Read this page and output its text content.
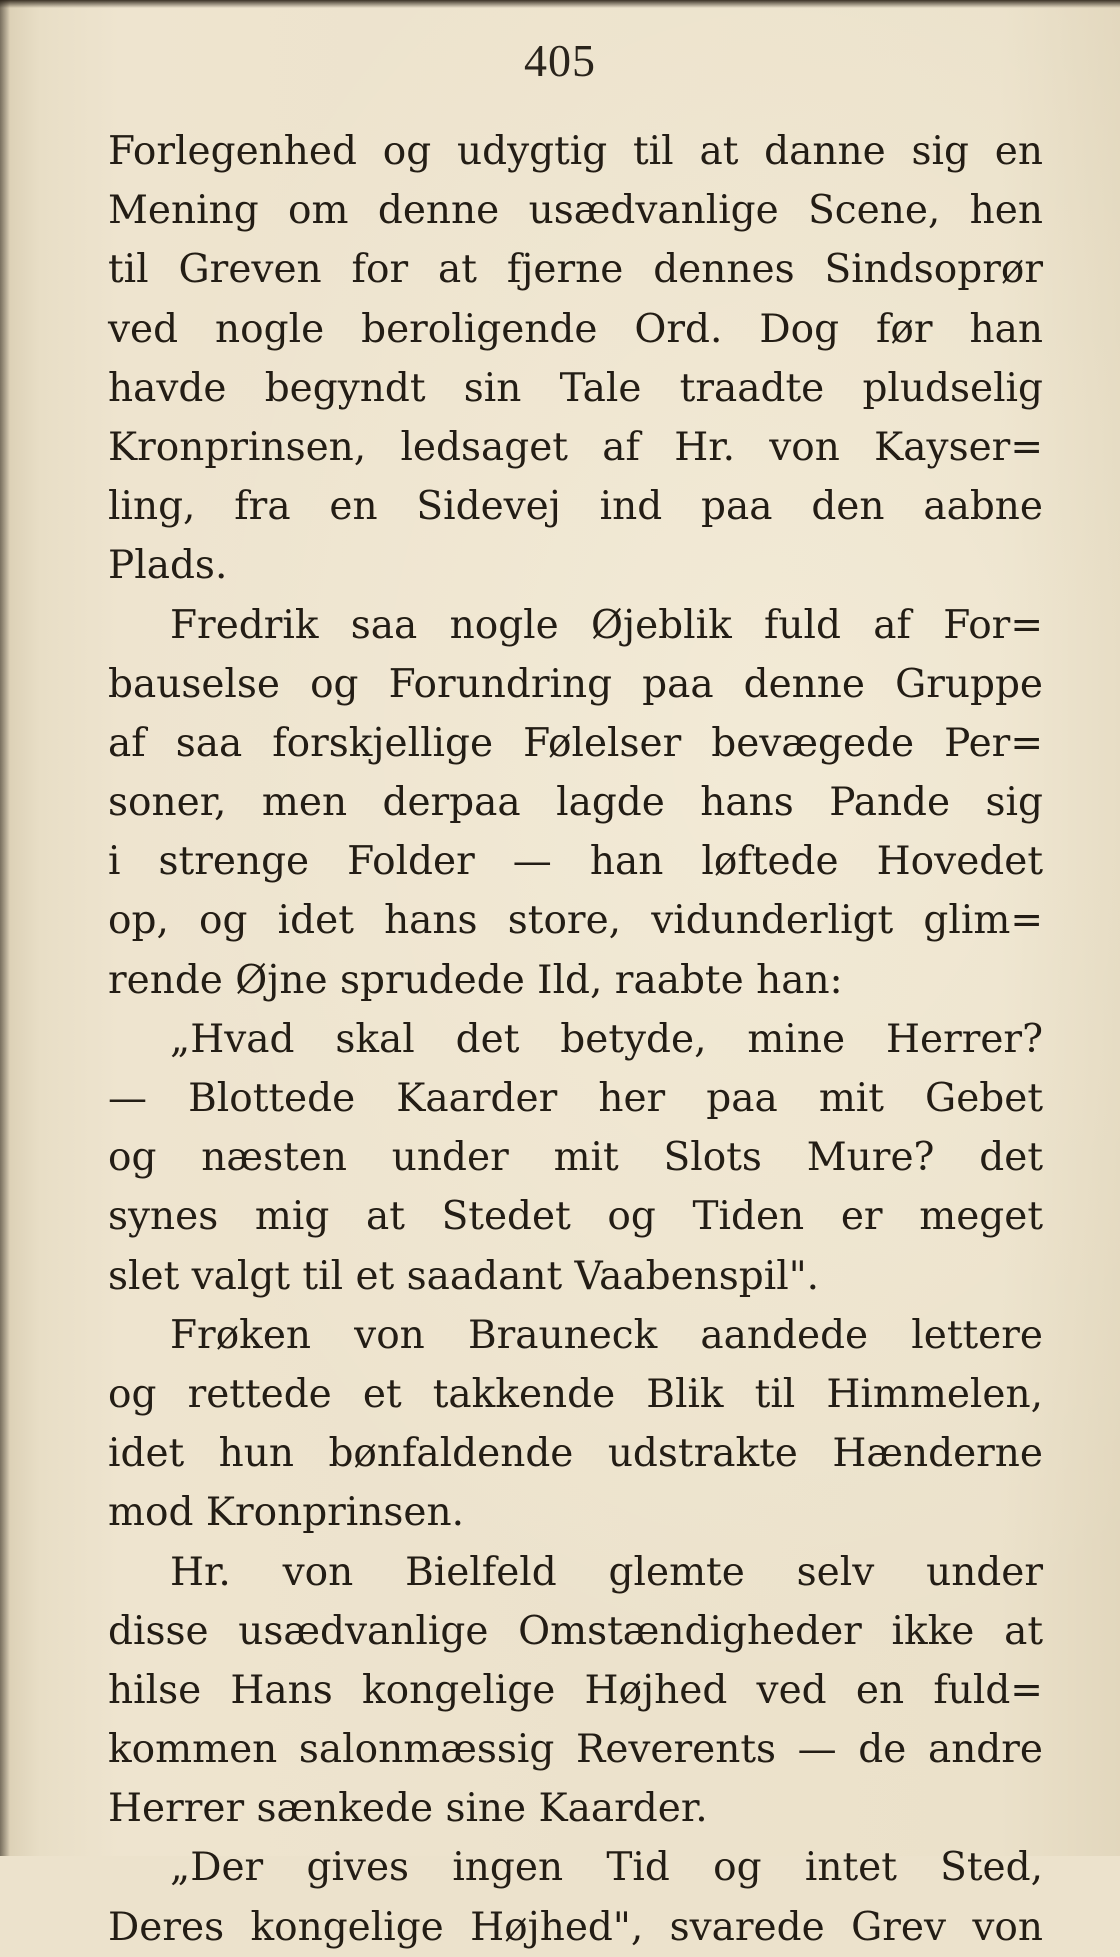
405
Forlegenhed og udygtig til at danne sig en
Mening om denne usædvanlige Scene, hen
til Greven for at fjerne dennes Sindsoprør
ved nogle beroligende Ord. Dog før han
havde begyndt sin Tale traadte pludselig
Kronprinsen, ledsaget af Hr. von Kayser=
ling, fra en Sidevej ind paa den aabne
Plads.
Fredrik saa nogle Øjeblik fuld af For=
bauselse og Forundring paa denne Gruppe
af saa forskjellige Følelser bevægede Per=
soner, men derpaa lagde hans Pande sig
i strenge Folder — han løftede Hovedet
op, og idet hans store, vidunderligt glim=
rende Øjne sprudede Ild, raabte han:
„Hvad skal det betyde, mine Herrer?
— Blottede Kaarder her paa mit Gebet
og næsten under mit Slots Mure? det
synes mig at Stedet og Tiden er meget
slet valgt til et saadant Vaabenspil".
Frøken von Brauneck aandede lettere
og rettede et takkende Blik til Himmelen,
idet hun bønfaldende udstrakte Hænderne
mod Kronprinsen.
Hr. von Bielfeld glemte selv under
disse usædvanlige Omstændigheder ikke at
hilse Hans kongelige Højhed ved en fuld=
kommen salonmæssig Reverents — de andre
Herrer sænkede sine Kaarder.
„Der gives ingen Tid og intet Sted,
Deres kongelige Højhed", svarede Grev von
